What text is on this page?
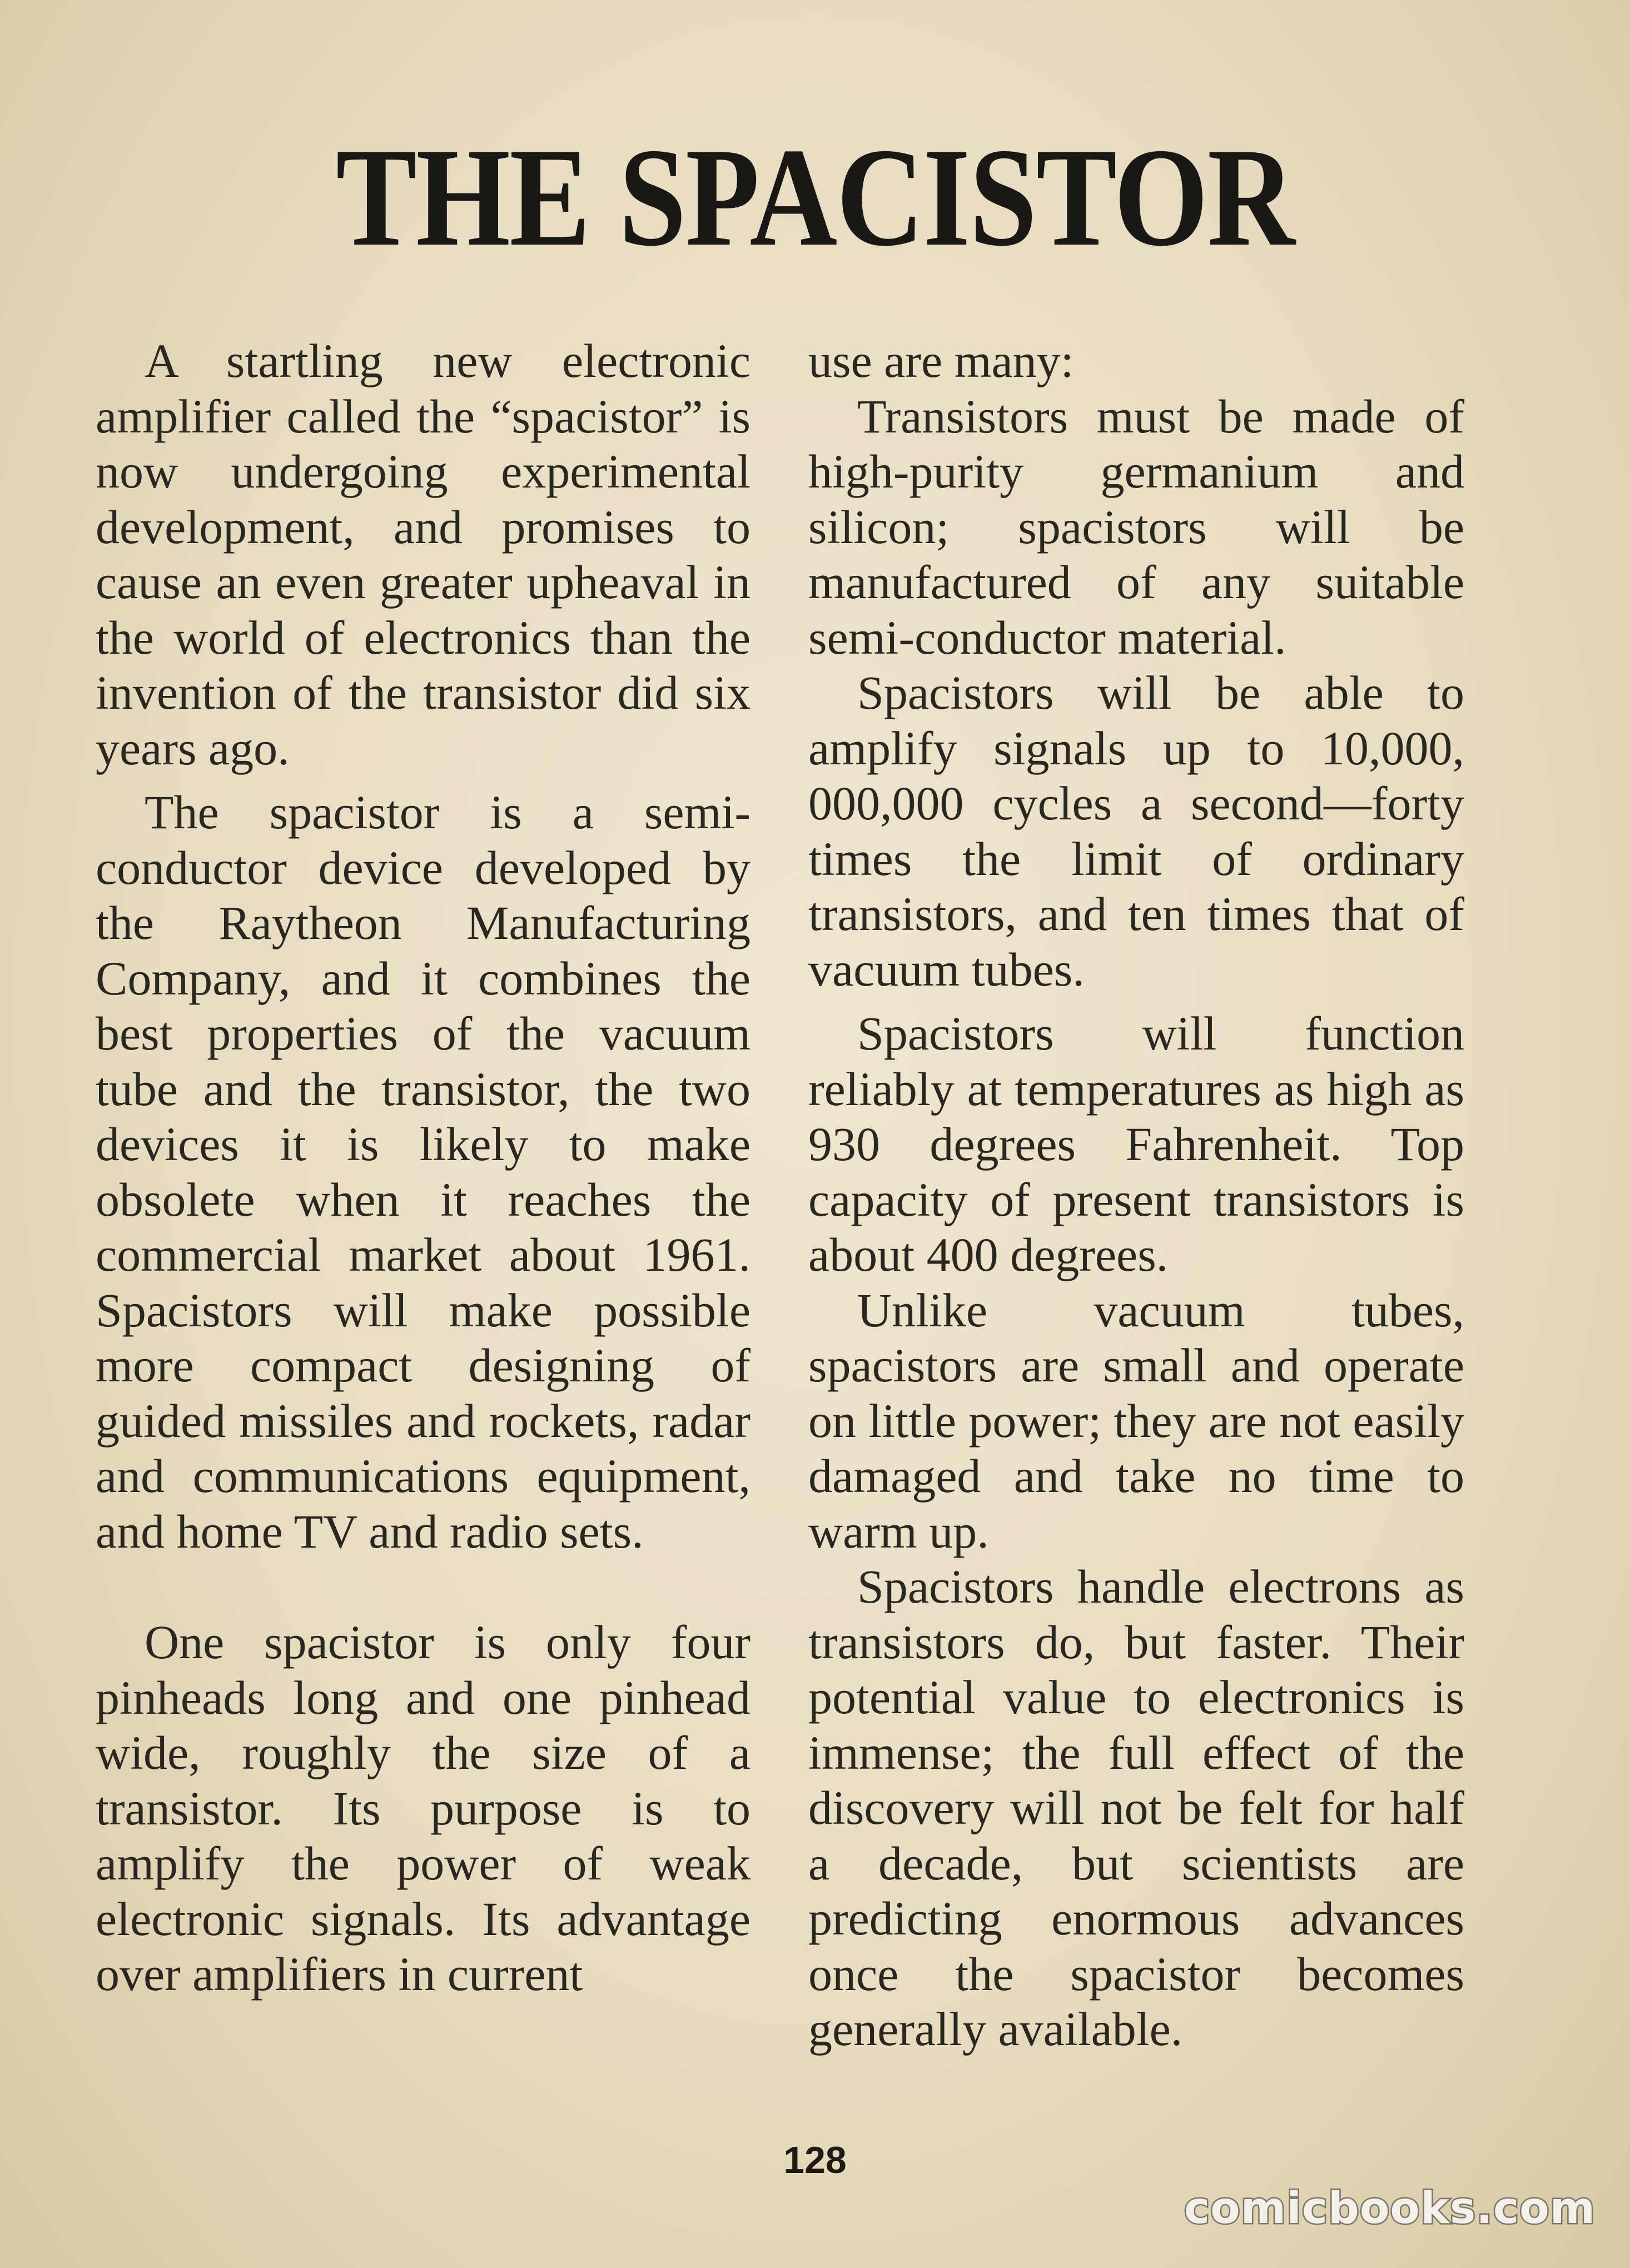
THE SPACISTOR

A startling new electronic amplifier called the “spacistor” is now undergoing experimental development, and promises to cause an even greater upheaval in the world of electronics than the invention of the transistor did six years ago.

The spacistor is a semi-conductor device developed by the Raytheon Manufacturing Company, and it combines the best properties of the vacuum tube and the transistor, the two devices it is likely to make obsolete when it reaches the commercial market about 1961. Spacistors will make possible more compact designing of guided missiles and rockets, radar and communications equipment, and home TV and radio sets.

One spacistor is only four pinheads long and one pinhead wide, roughly the size of a transistor. Its purpose is to amplify the power of weak electronic signals. Its advantage over amplifiers in current

use are many:

Transistors must be made of high-purity germanium and silicon; spacistors will be manufactured of any suitable semi-conductor material.

Spacistors will be able to amplify signals up to 10,000, 000,000 cycles a second—forty times the limit of ordinary transistors, and ten times that of vacuum tubes.

Spacistors will function reliably at temperatures as high as 930 degrees Fahrenheit. Top capacity of present transistors is about 400 degrees.

Unlike vacuum tubes, spacistors are small and operate on little power; they are not easily damaged and take no time to warm up.

Spacistors handle electrons as transistors do, but faster. Their potential value to electronics is immense; the full effect of the discovery will not be felt for half a decade, but scientists are predicting enormous advances once the spacistor becomes generally available.

128
comicbooks.com
